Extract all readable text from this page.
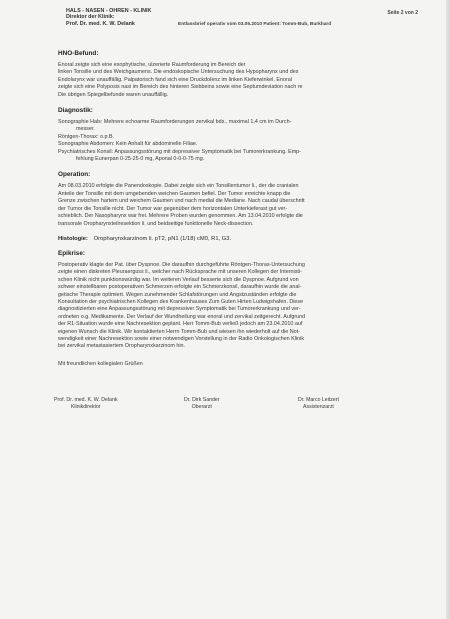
HALS - NASEN - OHREN - KLINIK
Direktor der Klinik:
Prof. Dr. med. K. W. Delank
Seite 2 von 2
Entlassbrief operativ vom 03.05.2010 Patient: Tomm-Bub, Burkhard
HNO-Befund:
Enoral zeigte sich eine exophytische, ulzerierte Raumforderung im Bereich der
linken Tonsille und des Weichgaumens. Die endoskopische Untersuchung des Hypopharynx und des
Endolarynx war unauffällig. Palpatorisch fand sich eine Druckdolenz im linken Kieferwinkel. Enoral
zeigte sich eine Polyposis nasi im Bereich des hinteren Siebbeins sowie eine Septumdeviation nach re
Die übrigen Spiegelbefunde waren unauffällig.
Diagnostik:
Sonographie Hals: Mehrere echoarme Raumforderungen zervikal bds., maximal 1,4 cm im Durch-
messer.
Röntgen-Thorax: o.p.B.
Sonographie Abdomen: Kein Anhalt für abdominelle Filiae.
Psychiatrisches Konsil: Anpassungsstörung mit depressiver Symptomatik bei Tumorerkrankung. Emp-
fehlung Eunerpan 0-25-25-0 mg, Aponal 0-0-0-75 mg.
Operation:
Am 08.03.2010 erfolgte die Panendoskopie. Dabei zeigte sich ein Tonsillentumor li., der die cranialen
Anteile der Tonsille mit dem umgebenden weichen Gaumen befiel. Der Tumor erreichte knapp die
Grenze zwischen hartem und weichem Gaumen und nach medial die Mediane. Nach caudal überschritt
der Tumor die Tonsille nicht. Der Tumor war gegenüber dem horizontalen Unterkieferast gut ver-
schieblich. Der Nasopharynx war frei. Mehrere Proben wurden genommen. Am 13.04.2010 erfolgte die
transorale Oropharynxteilresektion li. und beidseitige funktionelle Neck-dissection.
Histologie: Oropharynxkarzinom li. pT2, pN1 (1/18) cM0, R1, G3.
Epikrise:
Postoperativ klagte der Pat. über Dyspnoe. Die daraufhin durchgeführte Röntgen-Thorax-Untersuchung
zeigte einen diskreten Pleuraerguss li., welcher nach Rücksprache mit unseren Kollegen der Internisti-
schen Klinik nicht punktionswürdig war. Im weiteren Verlauf besserte sich die Dyspnoe. Aufgrund von
schwer einstellbaren postoperativen Schmerzen erfolgte ein Schmerzkonsil, daraufhin wurde die anal-
getische Therapie optimiert. Wegen zunehmender Schlafstörungen und Angstzuständen erfolgte die
Konsultation der psychiatrischen Kollegen des Krankenhauses Zum Guten Hirten Ludwigshafen. Diese
diagnostizierten eine Anpassungsstörung mit depressiver Symptomatik bei Tumorerkrankung und ver-
ordneten o.g. Medikamente. Der Verlauf der Wundheilung war enoral und zervikal zeitgerecht. Aufgrund
der R1-Situation wurde eine Nachresektion geplant. Herr Tomm-Bub verließ jedoch am 23.04.2010 auf
eigenen Wunsch die Klinik. Wir kontaktierten Herrn Tomm-Bub und wiesen ihn wiederholt auf die Not-
wendigkeit einer Nachresektion sowie einer notwendigen Vorstellung in der Radio Onkologischen Klinik
bei zervikal metastasiertem Oropharynxkarzinom hin.
Mit freundlichen kollegialen Grüßen
Prof. Dr. med. K. W. Delank
Klinikdirektor
Dr. Dirk Sander
Oberarzt
Dr. Marco Leitzert
Assistenzarzt
